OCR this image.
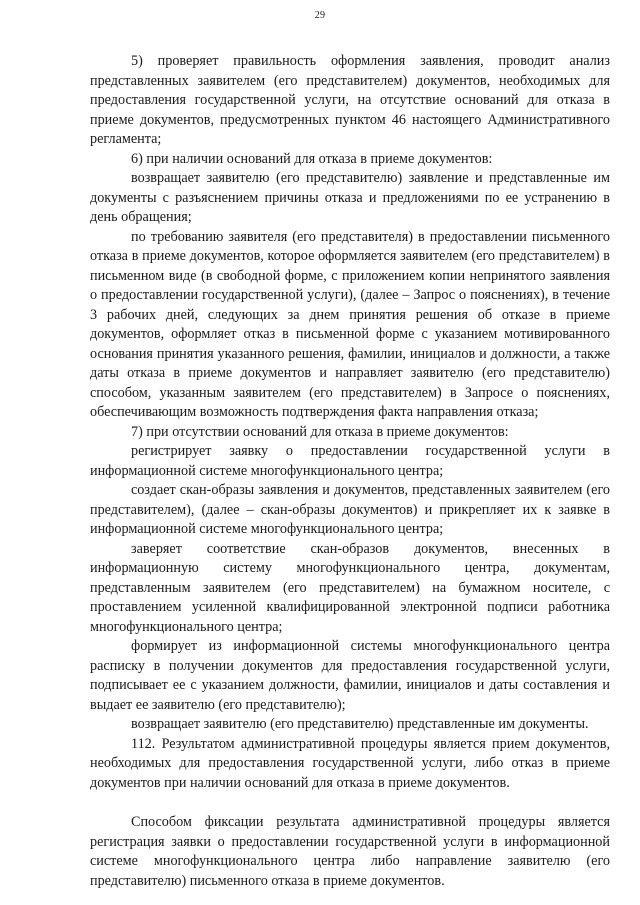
29

5) проверяет правильность оформления заявления, проводит анализ представленных заявителем (его представителем) документов, необходимых для предоставления государственной услуги, на отсутствие оснований для отказа в приеме документов, предусмотренных пунктом 46 настоящего Административного регламента;

6) при наличии оснований для отказа в приеме документов:

возвращает заявителю (его представителю) заявление и представленные им документы с разъяснением причины отказа и предложениями по ее устранению в день обращения;

по требованию заявителя (его представителя) в предоставлении письменного отказа в приеме документов, которое оформляется заявителем (его представителем) в письменном виде (в свободной форме, с приложением копии непринятого заявления о предоставлении государственной услуги), (далее – Запрос о пояснениях), в течение 3 рабочих дней, следующих за днем принятия решения об отказе в приеме документов, оформляет отказ в письменной форме с указанием мотивированного основания принятия указанного решения, фамилии, инициалов и должности, а также даты отказа в приеме документов и направляет заявителю (его представителю) способом, указанным заявителем (его представителем) в Запросе о пояснениях, обеспечивающим возможность подтверждения факта направления отказа;

7) при отсутствии оснований для отказа в приеме документов:

регистрирует заявку о предоставлении государственной услуги в информационной системе многофункционального центра;

создает скан-образы заявления и документов, представленных заявителем (его представителем), (далее – скан-образы документов) и прикрепляет их к заявке в информационной системе многофункционального центра;

заверяет соответствие скан-образов документов, внесенных в информационную систему многофункционального центра, документам, представленным заявителем (его представителем) на бумажном носителе, с проставлением усиленной квалифицированной электронной подписи работника многофункционального центра;

формирует из информационной системы многофункционального центра расписку в получении документов для предоставления государственной услуги, подписывает ее с указанием должности, фамилии, инициалов и даты составления и выдает ее заявителю (его представителю);

возвращает заявителю (его представителю) представленные им документы.

112. Результатом административной процедуры является прием документов, необходимых для предоставления государственной услуги, либо отказ в приеме документов при наличии оснований для отказа в приеме документов.

Способом фиксации результата административной процедуры является регистрация заявки о предоставлении государственной услуги в информационной системе многофункционального центра либо направление заявителю (его представителю) письменного отказа в приеме документов.
